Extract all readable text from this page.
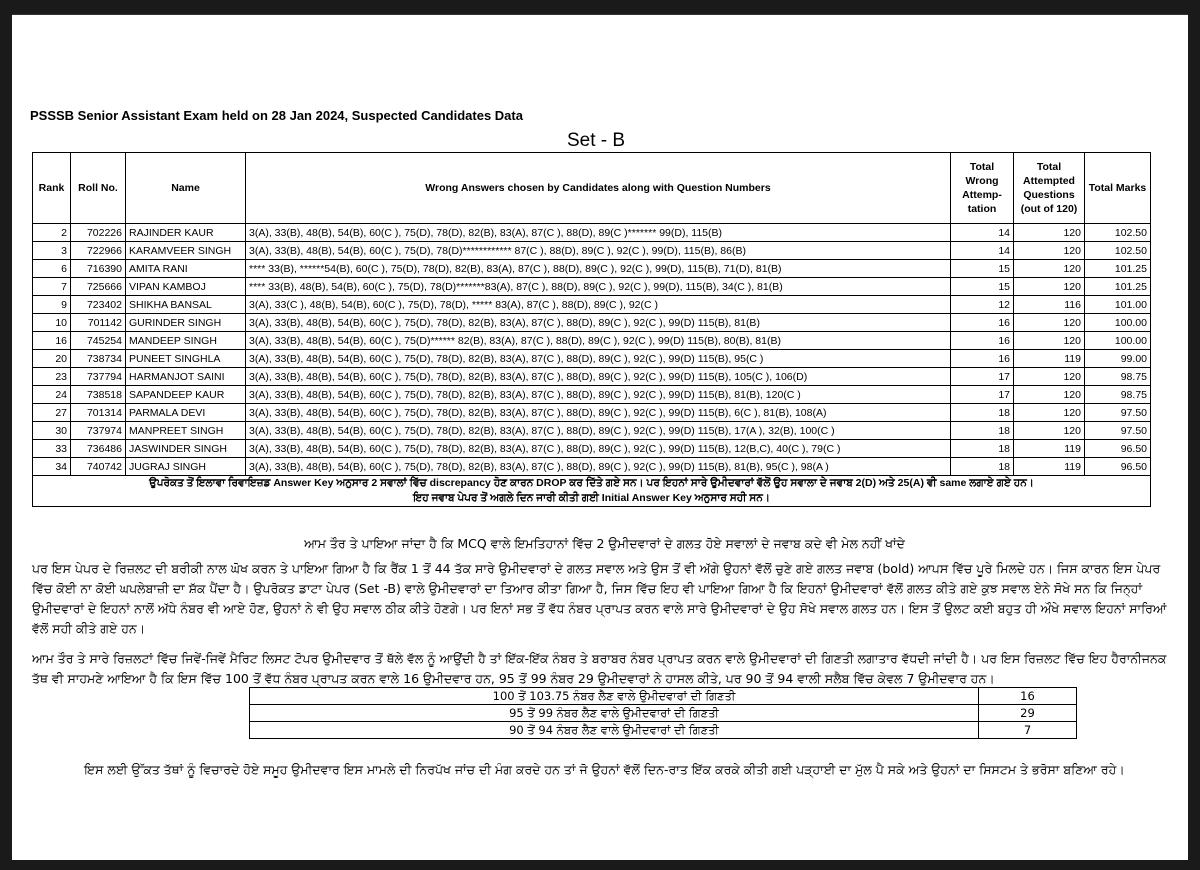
PSSSB Senior Assistant Exam held on 28 Jan 2024, Suspected Candidates Data
Set - B
Rank	Roll No.	Name	Wrong Answers chosen by Candidates along with Question Numbers	Total Wrong Attemp-tation	Total Attempted Questions (out of 120)	Total Marks
2	702226	RAJINDER KAUR	3(A), 33(B), 48(B), 54(B), 60(C ), 75(D), 78(D), 82(B), 83(A), 87(C ), 88(D), 89(C )******* 99(D), 115(B)	14	120	102.50
3	722966	KARAMVEER SINGH	3(A), 33(B), 48(B), 54(B), 60(C ), 75(D), 78(D)************ 87(C ), 88(D), 89(C ), 92(C ), 99(D), 115(B), 86(B)	14	120	102.50
6	716390	AMITA RANI	**** 33(B), ******54(B), 60(C ), 75(D), 78(D), 82(B), 83(A), 87(C ), 88(D), 89(C ), 92(C ), 99(D), 115(B), 71(D), 81(B)	15	120	101.25
7	725666	VIPAN KAMBOJ	**** 33(B), 48(B), 54(B), 60(C ), 75(D), 78(D)*******83(A), 87(C ), 88(D), 89(C ), 92(C ), 99(D), 115(B), 34(C ), 81(B)	15	120	101.25
9	723402	SHIKHA BANSAL	3(A), 33(C ), 48(B), 54(B), 60(C ), 75(D), 78(D), ***** 83(A), 87(C ), 88(D), 89(C ), 92(C )	12	116	101.00
10	701142	GURINDER SINGH	3(A), 33(B), 48(B), 54(B), 60(C ), 75(D), 78(D), 82(B), 83(A), 87(C ), 88(D), 89(C ), 92(C ), 99(D) 115(B), 81(B)	16	120	100.00
16	745254	MANDEEP SINGH	3(A), 33(B), 48(B), 54(B), 60(C ), 75(D)****** 82(B), 83(A), 87(C ), 88(D), 89(C ), 92(C ), 99(D) 115(B), 80(B), 81(B)	16	120	100.00
20	738734	PUNEET SINGHLA	3(A), 33(B), 48(B), 54(B), 60(C ), 75(D), 78(D), 82(B), 83(A), 87(C ), 88(D), 89(C ), 92(C ), 99(D) 115(B), 95(C )	16	119	99.00
23	737794	HARMANJOT SAINI	3(A), 33(B), 48(B), 54(B), 60(C ), 75(D), 78(D), 82(B), 83(A), 87(C ), 88(D), 89(C ), 92(C ), 99(D) 115(B), 105(C ), 106(D)	17	120	98.75
24	738518	SAPANDEEP KAUR	3(A), 33(B), 48(B), 54(B), 60(C ), 75(D), 78(D), 82(B), 83(A), 87(C ), 88(D), 89(C ), 92(C ), 99(D) 115(B), 81(B), 120(C )	17	120	98.75
27	701314	PARMALA DEVI	3(A), 33(B), 48(B), 54(B), 60(C ), 75(D), 78(D), 82(B), 83(A), 87(C ), 88(D), 89(C ), 92(C ), 99(D) 115(B), 6(C ), 81(B), 108(A)	18	120	97.50
30	737974	MANPREET SINGH	3(A), 33(B), 48(B), 54(B), 60(C ), 75(D), 78(D), 82(B), 83(A), 87(C ), 88(D), 89(C ), 92(C ), 99(D) 115(B), 17(A ), 32(B), 100(C )	18	120	97.50
33	736486	JASWINDER SINGH	3(A), 33(B), 48(B), 54(B), 60(C ), 75(D), 78(D), 82(B), 83(A), 87(C ), 88(D), 89(C ), 92(C ), 99(D) 115(B), 12(B,C), 40(C ), 79(C )	18	119	96.50
34	740742	JUGRAJ SINGH	3(A), 33(B), 48(B), 54(B), 60(C ), 75(D), 78(D), 82(B), 83(A), 87(C ), 88(D), 89(C ), 92(C ), 99(D) 115(B), 81(B), 95(C ), 98(A )	18	119	96.50

ਉਪਰੋਕਤ ਤੋਂ ਇਲਾਵਾ ਰਿਵਾਇਜ਼ਡ Answer Key ਅਨੁਸਾਰ 2 ਸਵਾਲਾਂ ਵਿੱਚ discrepancy ਹੋਣ ਕਾਰਨ DROP ਕਰ ਦਿੱਤੇ ਗਏ ਸਨ। ਪਰ ਇਹਨਾਂ ਸਾਰੇ ਉਮੀਦਵਾਰਾਂ ਵੱਲੋਂ ਉਹ ਸਵਾਲਾ ਦੇ ਜਵਾਬ 2(D) ਅਤੇ 25(A) ਵੀ same ਲਗਾਏ ਗਏ ਹਨ।
ਇਹ ਜਵਾਬ ਪੇਪਰ ਤੋਂ ਅਗਲੇ ਦਿਨ ਜਾਰੀ ਕੀਤੀ ਗਈ Initial Answer Key ਅਨੁਸਾਰ ਸਹੀ ਸਨ।						
ਆਮ ਤੌਰ ਤੇ ਪਾਇਆ ਜਾਂਦਾ ਹੈ ਕਿ MCQ ਵਾਲੇ ਇਮਤਿਹਾਨਾਂ ਵਿੱਚ 2 ਉਮੀਦਵਾਰਾਂ ਦੇ ਗਲਤ ਹੋਏ ਸਵਾਲਾਂ ਦੇ ਜਵਾਬ ਕਦੇ ਵੀ ਮੇਲ ਨਹੀਂ ਖਾਂਦੇ
ਪਰ ਇਸ ਪੇਪਰ ਦੇ ਰਿਜ਼ਲਟ ਦੀ ਬਰੀਕੀ ਨਾਲ ਘੋਖ ਕਰਨ ਤੇ ਪਾਇਆ ਗਿਆ ਹੈ ਕਿ ਰੈਂਕ 1 ਤੋਂ 44 ਤੱਕ ਸਾਰੇ ਉਮੀਦਵਾਰਾਂ ਦੇ ਗਲਤ ਸਵਾਲ ਅਤੇ ਉਸ ਤੋਂ ਵੀ ਅੱਗੇ ਉਹਨਾਂ ਵੱਲੋਂ ਚੁਣੇ ਗਏ ਗਲਤ ਜਵਾਬ (bold) ਆਪਸ ਵਿੱਚ ਪੂਰੇ ਮਿਲਦੇ ਹਨ। ਜਿਸ ਕਾਰਨ ਇਸ ਪੇਪਰ ਵਿੱਚ ਕੋਈ ਨਾ ਕੋਈ ਘਪਲੇਬਾਜ਼ੀ ਦਾ ਸ਼ੱਕ ਪੈਂਦਾ ਹੈ। ਉਪਰੋਕਤ ਡਾਟਾ ਪੇਪਰ (Set -B) ਵਾਲੇ ਉਮੀਦਵਾਰਾਂ ਦਾ ਤਿਆਰ ਕੀਤਾ ਗਿਆ ਹੈ, ਜਿਸ ਵਿੱਚ ਇਹ ਵੀ ਪਾਇਆ ਗਿਆ ਹੈ ਕਿ ਇਹਨਾਂ ਉਮੀਦਵਾਰਾਂ ਵੱਲੋਂ ਗਲਤ ਕੀਤੇ ਗਏ ਕੁਝ ਸਵਾਲ ਏਨੇ ਸੋਖੇ ਸਨ ਕਿ ਜਿਨ੍ਹਾਂ ਉਮੀਦਵਾਰਾਂ ਦੇ ਇਹਨਾਂ ਨਾਲੋਂ ਅੱਧੇ ਨੰਬਰ ਵੀ ਆਏ ਹੋਣ, ਉਹਨਾਂ ਨੇ ਵੀ ਉਹ ਸਵਾਲ ਠੀਕ ਕੀਤੇ ਹੋਣਗੇ। ਪਰ ਇਨਾਂ ਸਭ ਤੋਂ ਵੱਧ ਨੰਬਰ ਪ੍ਰਾਪਤ ਕਰਨ ਵਾਲੇ ਸਾਰੇ ਉਮੀਦਵਾਰਾਂ ਦੇ ਉਹ ਸੋਖੇ ਸਵਾਲ ਗਲਤ ਹਨ। ਇਸ ਤੋਂ ਉਲਟ ਕਈ ਬਹੁਤ ਹੀ ਔਖੇ ਸਵਾਲ ਇਹਨਾਂ ਸਾਰਿਆਂ ਵੱਲੋਂ ਸਹੀ ਕੀਤੇ ਗਏ ਹਨ।
ਆਮ ਤੌਰ ਤੇ ਸਾਰੇ ਰਿਜ਼ਲਟਾਂ ਵਿੱਚ ਜਿਵੇਂ-ਜਿਵੇਂ ਮੈਰਿਟ ਲਿਸਟ ਟੋਪਰ ਉਮੀਦਵਾਰ ਤੋਂ ਥੱਲੇ ਵੱਲ ਨੂੰ ਆਉਂਦੀ ਹੈ ਤਾਂ ਇੱਕ-ਇੱਕ ਨੰਬਰ ਤੇ ਬਰਾਬਰ ਨੰਬਰ ਪ੍ਰਾਪਤ ਕਰਨ ਵਾਲੇ ਉਮੀਦਵਾਰਾਂ ਦੀ ਗਿਣਤੀ ਲਗਾਤਾਰ ਵੱਧਦੀ ਜਾਂਦੀ ਹੈ। ਪਰ ਇਸ ਰਿਜ਼ਲਟ ਵਿੱਚ ਇਹ ਹੈਰਾਨੀਜਨਕ ਤੱਥ ਵੀ ਸਾਹਮਣੇ ਆਇਆ ਹੈ ਕਿ ਇਸ ਵਿੱਚ 100 ਤੋਂ ਵੱਧ ਨੰਬਰ ਪ੍ਰਾਪਤ ਕਰਨ ਵਾਲੇ 16 ਉਮੀਦਵਾਰ ਹਨ, 95 ਤੋਂ 99 ਨੰਬਰ 29 ਉਮੀਦਵਾਰਾਂ ਨੇ ਹਾਸਲ ਕੀਤੇ, ਪਰ 90 ਤੋਂ 94 ਵਾਲੀ ਸਲੈਬ ਵਿੱਚ ਕੇਵਲ 7 ਉਮੀਦਵਾਰ ਹਨ।
100 ਤੋਂ 103.75 ਨੰਬਰ ਲੈਣ ਵਾਲੇ ਉਮੀਦਵਾਰਾਂ ਦੀ ਗਿਣਤੀ	16
95 ਤੋਂ 99 ਨੰਬਰ ਲੈਣ ਵਾਲੇ ਉਮੀਦਵਾਰਾਂ ਦੀ ਗਿਣਤੀ	29
90 ਤੋਂ 94 ਨੰਬਰ ਲੈਣ ਵਾਲੇ ਉਮੀਦਵਾਰਾਂ ਦੀ ਗਿਣਤੀ	7
ਇਸ ਲਈ ਉੱਕਤ ਤੱਥਾਂ ਨੂੰ ਵਿਚਾਰਦੇ ਹੋਏ ਸਮੂਹ ਉਮੀਦਵਾਰ ਇਸ ਮਾਮਲੇ ਦੀ ਨਿਰਪੱਖ ਜਾਂਚ ਦੀ ਮੰਗ ਕਰਦੇ ਹਨ ਤਾਂ ਜੋ ਉਹਨਾਂ ਵੱਲੋਂ ਦਿਨ-ਰਾਤ ਇੱਕ ਕਰਕੇ ਕੀਤੀ ਗਈ ਪੜ੍ਹਾਈ ਦਾ ਮੁੱਲ ਪੈ ਸਕੇ ਅਤੇ ਉਹਨਾਂ ਦਾ ਸਿਸਟਮ ਤੇ ਭਰੋਸਾ ਬਣਿਆ ਰਹੇ।
